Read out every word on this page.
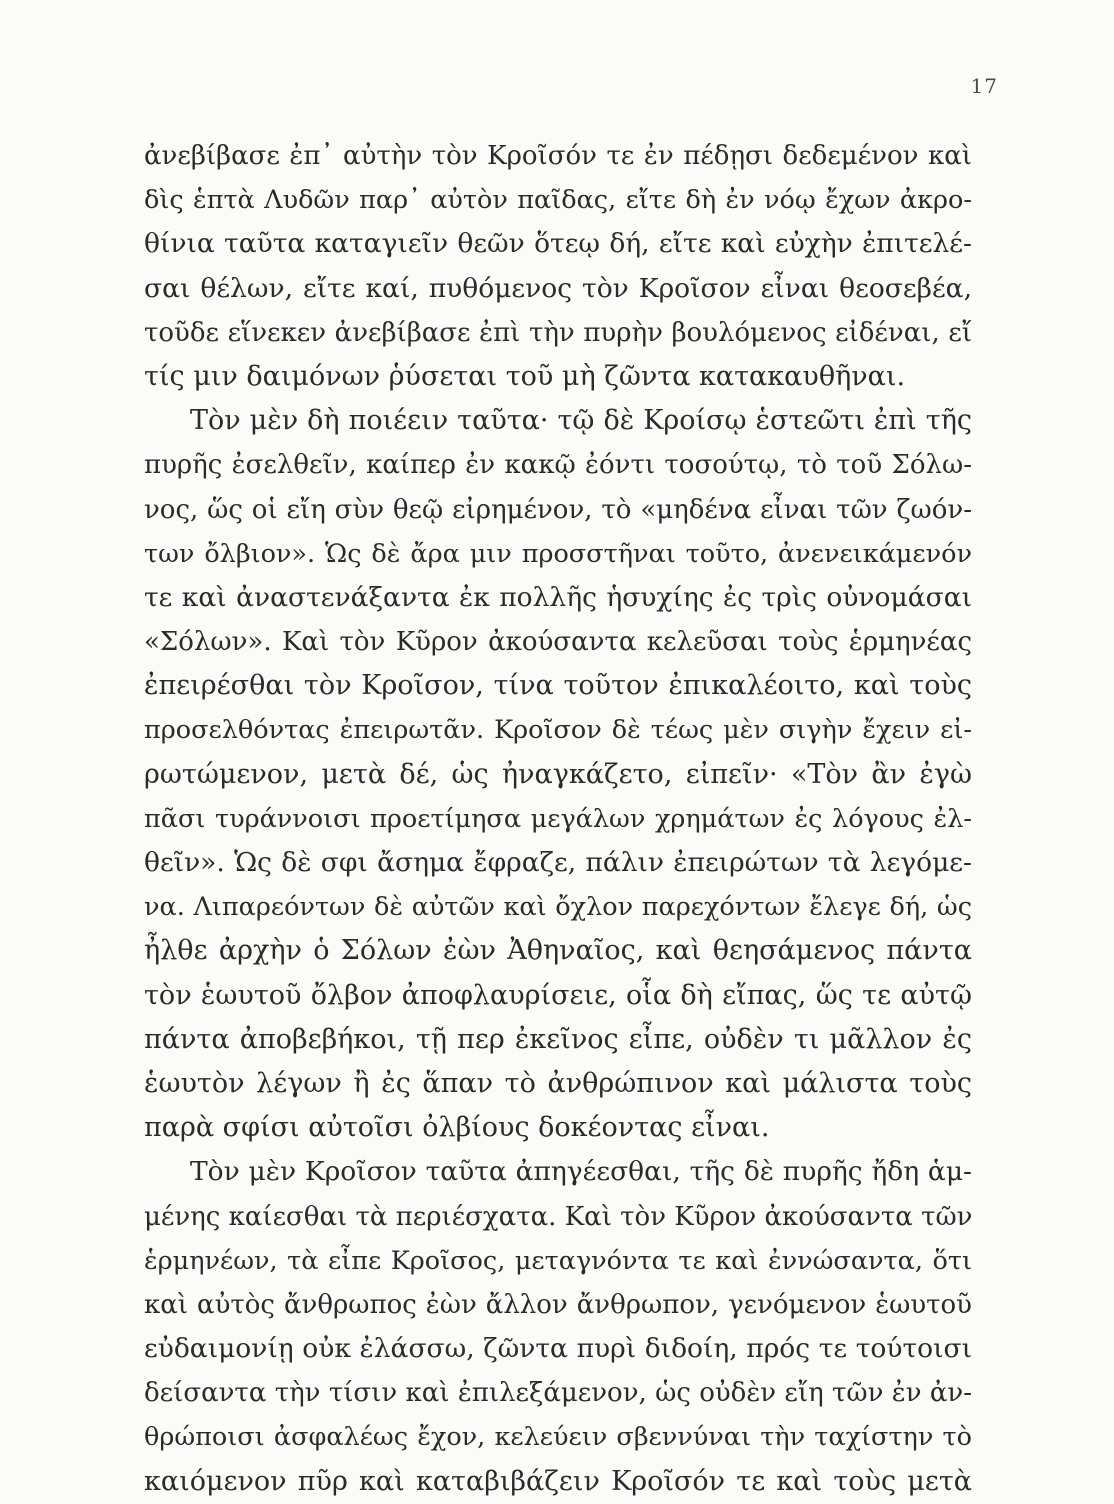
17
ἀνεβίβασε ἐπ᾿ αὐτὴν τὸν Κροῖσόν τε ἐν πέδῃσι δεδεμένον καὶ
δὶς ἑπτὰ Λυδῶν παρ᾿ αὐτὸν παῖδας, εἴτε δὴ ἐν νόῳ ἔχων ἀκρο-
θίνια ταῦτα καταγιεῖν θεῶν ὅτεῳ δή, εἴτε καὶ εὐχὴν ἐπιτελέ-
σαι θέλων, εἴτε καί, πυθόμενος τὸν Κροῖσον εἶναι θεοσεβέα,
τοῦδε εἵνεκεν ἀνεβίβασε ἐπὶ τὴν πυρὴν βουλόμενος εἰδέναι, εἴ
τίς μιν δαιμόνων ῥύσεται τοῦ μὴ ζῶντα κατακαυθῆναι.
Τὸν μὲν δὴ ποιέειν ταῦτα· τῷ δὲ Κροίσῳ ἑστεῶτι ἐπὶ τῆς
πυρῆς ἐσελθεῖν, καίπερ ἐν κακῷ ἐόντι τοσούτῳ, τὸ τοῦ Σόλω-
νος, ὥς οἱ εἴη σὺν θεῷ εἰρημένον, τὸ «μηδένα εἶναι τῶν ζωόν-
των ὄλβιον». Ὡς δὲ ἄρα μιν προσστῆναι τοῦτο, ἀνενεικάμενόν
τε καὶ ἀναστενάξαντα ἐκ πολλῆς ἡσυχίης ἐς τρὶς οὐνομάσαι
«Σόλων». Καὶ τὸν Κῦρον ἀκούσαντα κελεῦσαι τοὺς ἑρμηνέας
ἐπειρέσθαι τὸν Κροῖσον, τίνα τοῦτον ἐπικαλέοιτο, καὶ τοὺς
προσελθόντας ἐπειρωτᾶν. Κροῖσον δὲ τέως μὲν σιγὴν ἔχειν εἰ-
ρωτώμενον, μετὰ δέ, ὡς ἠναγκάζετο, εἰπεῖν· «Τὸν ἂν ἐγὼ
πᾶσι τυράννοισι προετίμησα μεγάλων χρημάτων ἐς λόγους ἐλ-
θεῖν». Ὡς δὲ σφι ἄσημα ἔφραζε, πάλιν ἐπειρώτων τὰ λεγόμε-
να. Λιπαρεόντων δὲ αὐτῶν καὶ ὄχλον παρεχόντων ἔλεγε δή, ὡς
ἦλθε ἀρχὴν ὁ Σόλων ἐὼν Ἀθηναῖος, καὶ θεησάμενος πάντα
τὸν ἑωυτοῦ ὄλβον ἀποφλαυρίσειε, οἷα δὴ εἴπας, ὥς τε αὐτῷ
πάντα ἀποβεβήκοι, τῇ περ ἐκεῖνος εἶπε, οὐδὲν τι μᾶλλον ἐς
ἑωυτὸν λέγων ἢ ἐς ἅπαν τὸ ἀνθρώπινον καὶ μάλιστα τοὺς
παρὰ σφίσι αὐτοῖσι ὀλβίους δοκέοντας εἶναι.
Τὸν μὲν Κροῖσον ταῦτα ἀπηγέεσθαι, τῆς δὲ πυρῆς ἤδη ἁμ-
μένης καίεσθαι τὰ περιέσχατα. Καὶ τὸν Κῦρον ἀκούσαντα τῶν
ἑρμηνέων, τὰ εἶπε Κροῖσος, μεταγνόντα τε καὶ ἐννώσαντα, ὅτι
καὶ αὐτὸς ἄνθρωπος ἐὼν ἄλλον ἄνθρωπον, γενόμενον ἑωυτοῦ
εὐδαιμονίῃ οὐκ ἐλάσσω, ζῶντα πυρὶ διδοίη, πρός τε τούτοισι
δείσαντα τὴν τίσιν καὶ ἐπιλεξάμενον, ὡς οὐδὲν εἴη τῶν ἐν ἀν-
θρώποισι ἀσφαλέως ἔχον, κελεύειν σβεννύναι τὴν ταχίστην τὸ
καιόμενον πῦρ καὶ καταβιβάζειν Κροῖσόν τε καὶ τοὺς μετὰ
